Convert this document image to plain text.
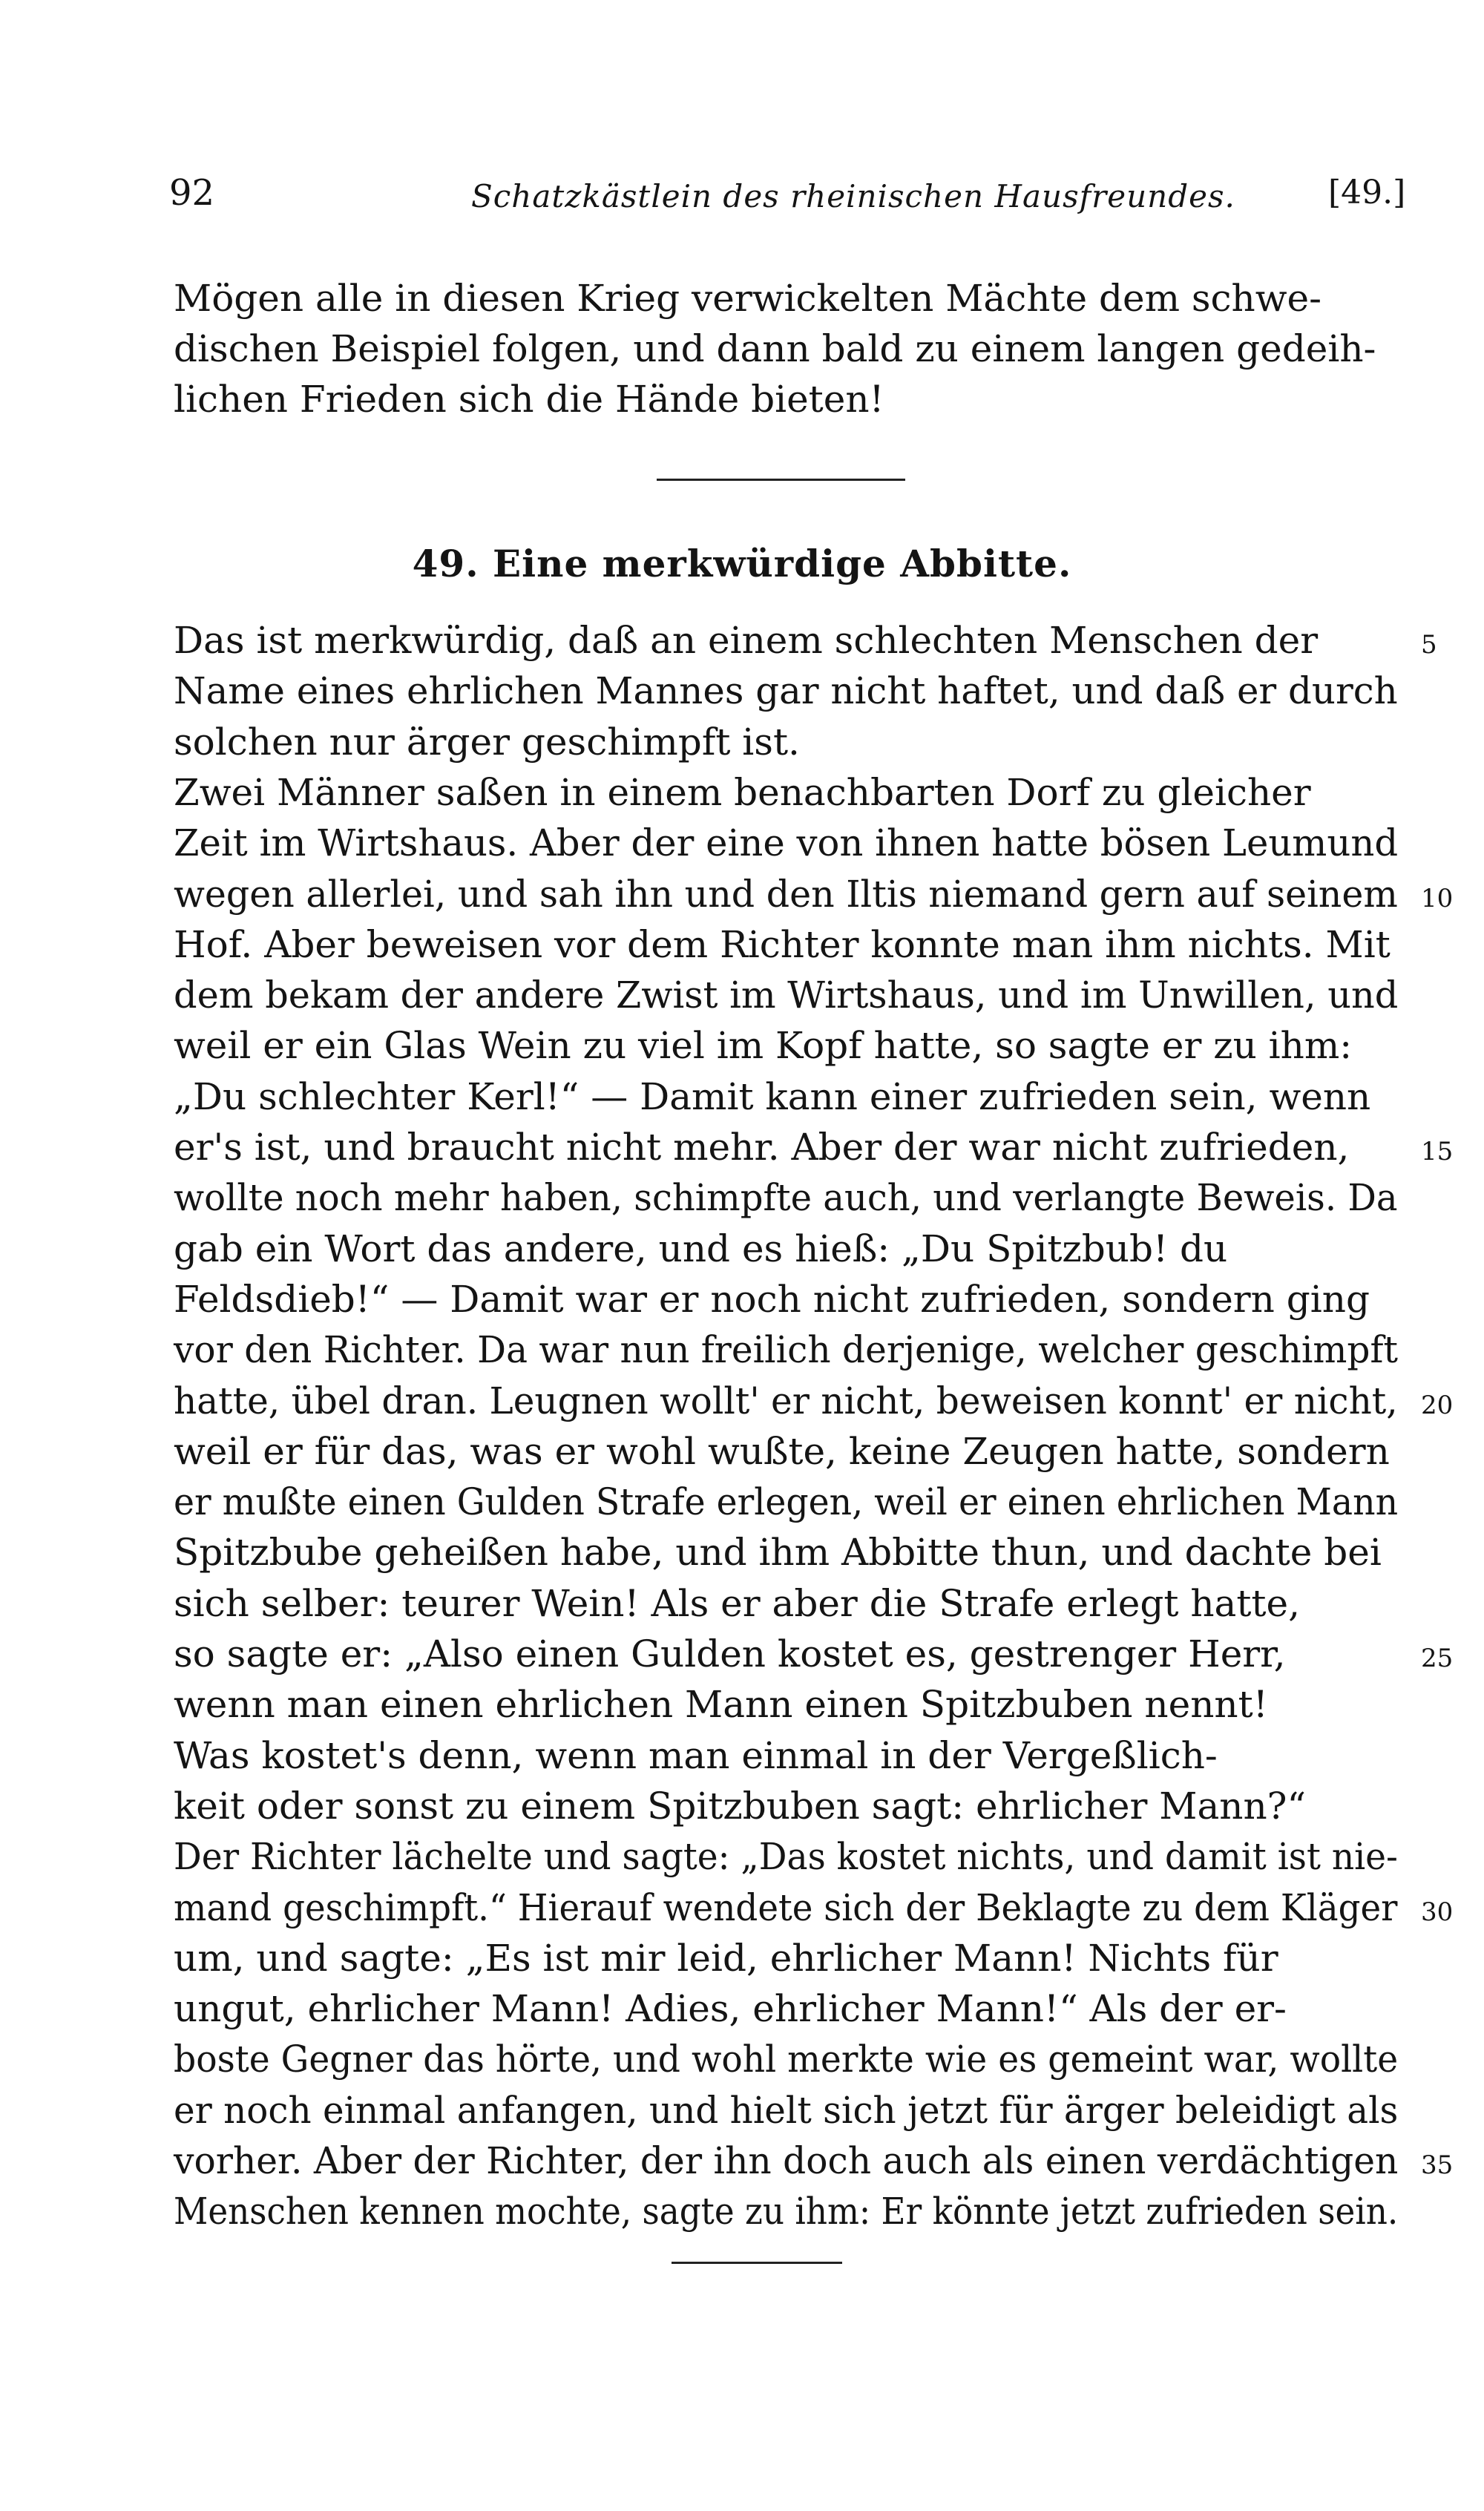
92	Schatzkästlein des rheinischen Hausfreundes.	[49.]
Mögen alle in diesen Krieg verwickelten Mächte dem schwe-
dischen Beispiel folgen, und dann bald zu einem langen gedeih-
lichen Frieden sich die Hände bieten!
49. Eine merkwürdige Abbitte.
Das ist merkwürdig, daß an einem schlechten Menschen der
Name eines ehrlichen Mannes gar nicht haftet, und daß er durch
solchen nur ärger geschimpft ist.
Zwei Männer saßen in einem benachbarten Dorf zu gleicher
Zeit im Wirtshaus. Aber der eine von ihnen hatte bösen Leumund
wegen allerlei, und sah ihn und den Iltis niemand gern auf seinem
Hof. Aber beweisen vor dem Richter konnte man ihm nichts. Mit
dem bekam der andere Zwist im Wirtshaus, und im Unwillen, und
weil er ein Glas Wein zu viel im Kopf hatte, so sagte er zu ihm:
„Du schlechter Kerl!“ — Damit kann einer zufrieden sein, wenn
er's ist, und braucht nicht mehr. Aber der war nicht zufrieden,
wollte noch mehr haben, schimpfte auch, und verlangte Beweis. Da
gab ein Wort das andere, und es hieß: „Du Spitzbub! du
Feldsdieb!“ — Damit war er noch nicht zufrieden, sondern ging
vor den Richter. Da war nun freilich derjenige, welcher geschimpft
hatte, übel dran. Leugnen wollt' er nicht, beweisen konnt' er nicht,
weil er für das, was er wohl wußte, keine Zeugen hatte, sondern
er mußte einen Gulden Strafe erlegen, weil er einen ehrlichen Mann
Spitzbube geheißen habe, und ihm Abbitte thun, und dachte bei
sich selber: teurer Wein! Als er aber die Strafe erlegt hatte,
so sagte er: „Also einen Gulden kostet es, gestrenger Herr,
wenn man einen ehrlichen Mann einen Spitzbuben nennt!
Was kostet's denn, wenn man einmal in der Vergeßlich-
keit oder sonst zu einem Spitzbuben sagt: ehrlicher Mann?“
Der Richter lächelte und sagte: „Das kostet nichts, und damit ist nie-
mand geschimpft.“ Hierauf wendete sich der Beklagte zu dem Kläger
um, und sagte: „Es ist mir leid, ehrlicher Mann! Nichts für
ungut, ehrlicher Mann! Adies, ehrlicher Mann!“ Als der er-
boste Gegner das hörte, und wohl merkte wie es gemeint war, wollte
er noch einmal anfangen, und hielt sich jetzt für ärger beleidigt als
vorher. Aber der Richter, der ihn doch auch als einen verdächtigen
Menschen kennen mochte, sagte zu ihm: Er könnte jetzt zufrieden sein.
5
10
15
20
25
30
35
